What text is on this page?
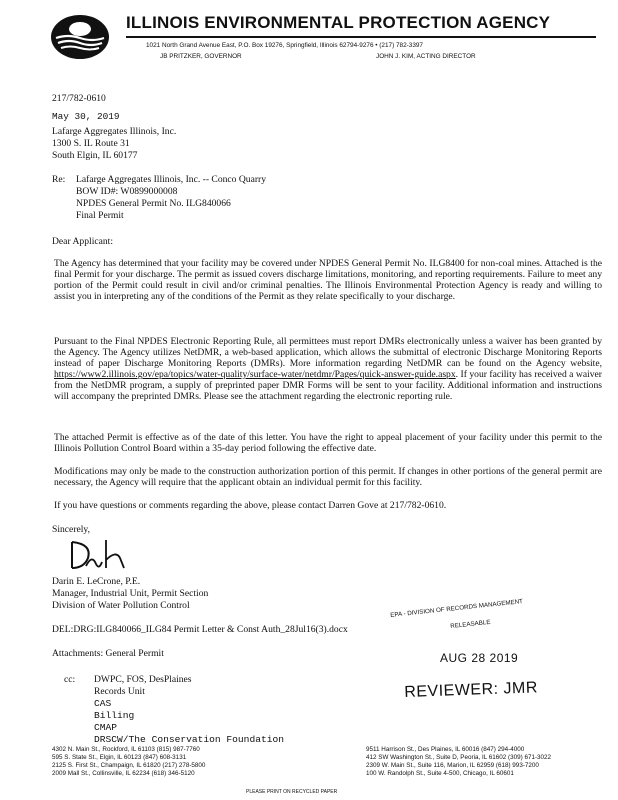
ILLINOIS ENVIRONMENTAL PROTECTION AGENCY
1021 North Grand Avenue East, P.O. Box 19276, Springfield, Illinois 62794-9276 • (217) 782-3397
JB PRITZKER, GOVERNOR	JOHN J. KIM, ACTING DIRECTOR
217/782-0610
May 30, 2019
Lafarge Aggregates Illinois, Inc.
1300 S. IL Route 31
South Elgin, IL 60177
Re: Lafarge Aggregates Illinois, Inc. -- Conco Quarry
BOW ID#: W0899000008
NPDES General Permit No. ILG840066
Final Permit
Dear Applicant:
The Agency has determined that your facility may be covered under NPDES General Permit No. ILG8400 for non-coal mines. Attached is the final Permit for your discharge. The permit as issued covers discharge limitations, monitoring, and reporting requirements. Failure to meet any portion of the Permit could result in civil and/or criminal penalties. The Illinois Environmental Protection Agency is ready and willing to assist you in interpreting any of the conditions of the Permit as they relate specifically to your discharge.
Pursuant to the Final NPDES Electronic Reporting Rule, all permittees must report DMRs electronically unless a waiver has been granted by the Agency. The Agency utilizes NetDMR, a web-based application, which allows the submittal of electronic Discharge Monitoring Reports instead of paper Discharge Monitoring Reports (DMRs). More information regarding NetDMR can be found on the Agency website, https://www2.illinois.gov/epa/topics/water-quality/surface-water/netdmr/Pages/quick-answer-guide.aspx. If your facility has received a waiver from the NetDMR program, a supply of preprinted paper DMR Forms will be sent to your facility. Additional information and instructions will accompany the preprinted DMRs. Please see the attachment regarding the electronic reporting rule.
The attached Permit is effective as of the date of this letter. You have the right to appeal placement of your facility under this permit to the Illinois Pollution Control Board within a 35-day period following the effective date.
Modifications may only be made to the construction authorization portion of this permit. If changes in other portions of the general permit are necessary, the Agency will require that the applicant obtain an individual permit for this facility.
If you have questions or comments regarding the above, please contact Darren Gove at 217/782-0610.
Sincerely,
Darin E. LeCrone, P.E.
Manager, Industrial Unit, Permit Section
Division of Water Pollution Control
DEL:DRG:ILG840066_ILG84 Permit Letter & Const Auth_28Jul16(3).docx
EPA - DIVISION OF RECORDS MANAGEMENT
RELEASABLE
Attachments: General Permit	AUG 28 2019
REVIEWER: JMR
cc: DWPC, FOS, DesPlaines
Records Unit
CAS
Billing
CMAP
DRSCW/The Conservation Foundation
4302 N. Main St., Rockford, IL 61103 (815) 987-7760
595 S. State St., Elgin, IL 60123 (847) 608-3131
2125 S. First St., Champaign, IL 61820 (217) 278-5800
2009 Mall St., Collinsville, IL 62234 (618) 346-5120
9511 Harrison St., Des Plaines, IL 60016 (847) 294-4000
412 SW Washington St., Suite D, Peoria, IL 61602 (309) 671-3022
2309 W. Main St., Suite 116, Marion, IL 62959 (618) 993-7200
100 W. Randolph St., Suite 4-500, Chicago, IL 60601
PLEASE PRINT ON RECYCLED PAPER
